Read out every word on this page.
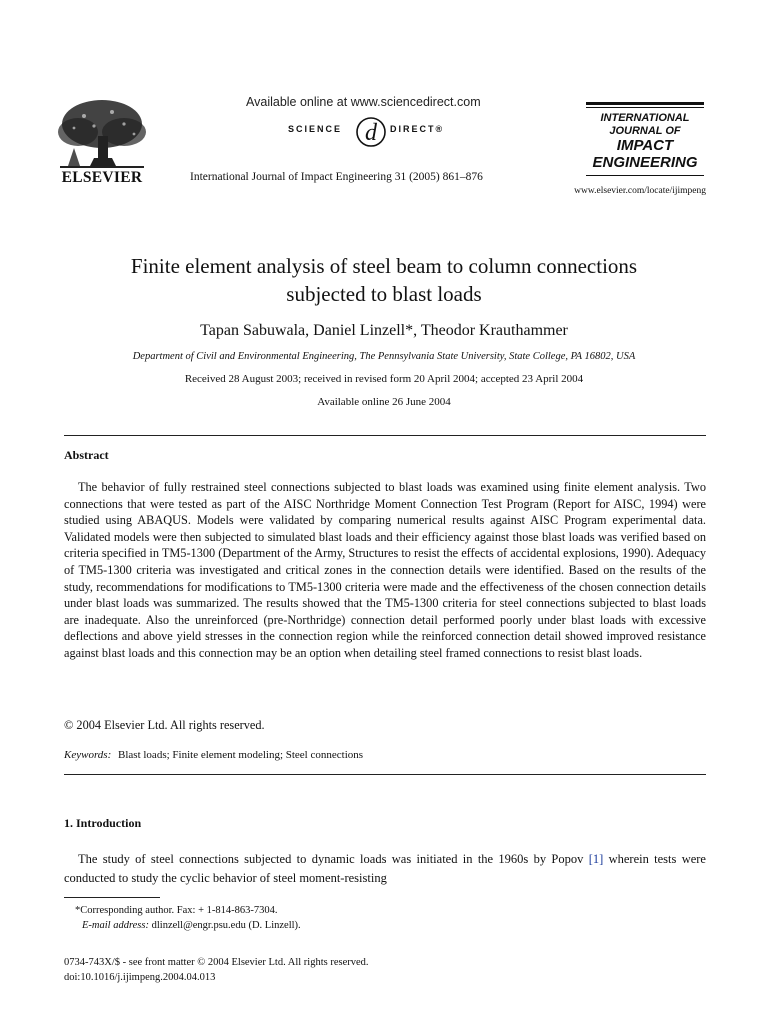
ELSEVIER
Available online at www.sciencedirect.com
SCIENCE d DIRECT®
International Journal of Impact Engineering 31 (2005) 861–876
INTERNATIONAL
JOURNAL OF
IMPACT
ENGINEERING
www.elsevier.com/locate/ijimpeng
Finite element analysis of steel beam to column connections
subjected to blast loads
Tapan Sabuwala, Daniel Linzell*, Theodor Krauthammer
Department of Civil and Environmental Engineering, The Pennsylvania State University, State College, PA 16802, USA
Received 28 August 2003; received in revised form 20 April 2004; accepted 23 April 2004
Available online 26 June 2004
Abstract

The behavior of fully restrained steel connections subjected to blast loads was examined using finite element analysis. Two connections that were tested as part of the AISC Northridge Moment Connection Test Program (Report for AISC, 1994) were studied using ABAQUS. Models were validated by comparing numerical results against AISC Program experimental data. Validated models were then subjected to simulated blast loads and their efficiency against those blast loads was verified based on criteria specified in TM5-1300 (Department of the Army, Structures to resist the effects of accidental explosions, 1990). Adequacy of TM5-1300 criteria was investigated and critical zones in the connection details were identified. Based on the results of the study, recommendations for modifications to TM5-1300 criteria were made and the effectiveness of the chosen connection details under blast loads was summarized. The results showed that the TM5-1300 criteria for steel connections subjected to blast loads are inadequate. Also the unreinforced (pre-Northridge) connection detail performed poorly under blast loads with excessive deflections and above yield stresses in the connection region while the reinforced connection detail showed improved resistance against blast loads and this connection may be an option when detailing steel framed connections to resist blast loads.

© 2004 Elsevier Ltd. All rights reserved.
Keywords: Blast loads; Finite element modeling; Steel connections
1. Introduction

The study of steel connections subjected to dynamic loads was initiated in the 1960s by Popov [1] wherein tests were conducted to study the cyclic behavior of steel moment-resisting

*Corresponding author. Fax: + 1-814-863-7304.
E-mail address: dlinzell@engr.psu.edu (D. Linzell).
0734-743X/$ - see front matter © 2004 Elsevier Ltd. All rights reserved.
doi:10.1016/j.ijimpeng.2004.04.013
